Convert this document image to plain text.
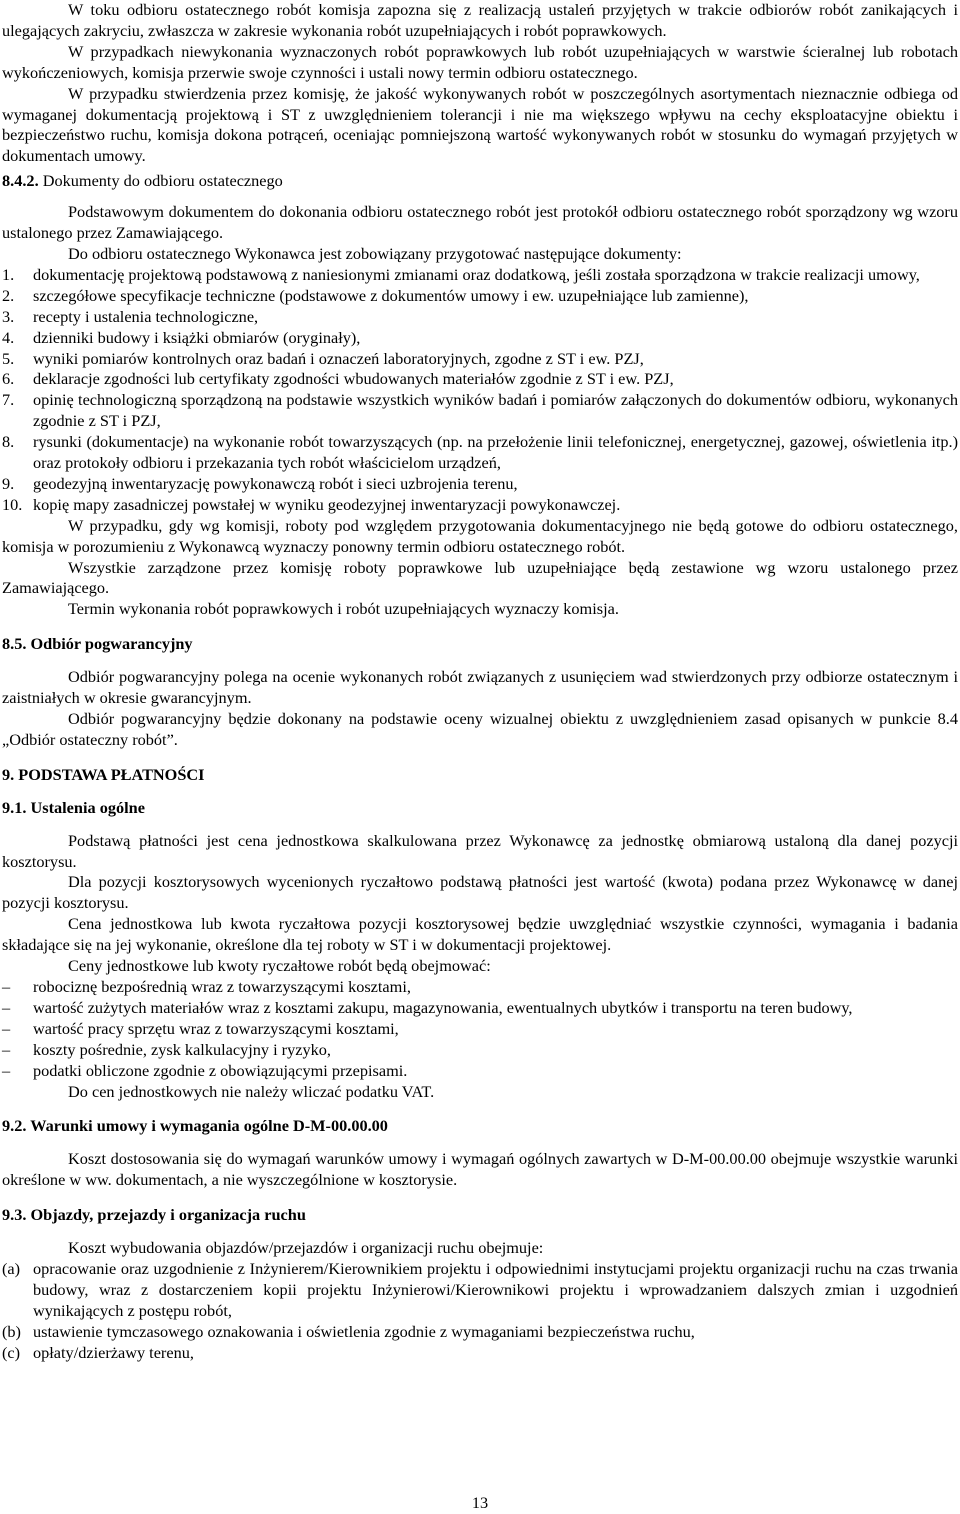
W toku odbioru ostatecznego robót komisja zapozna się z realizacją ustaleń przyjętych w trakcie odbiorów robót zanikających i ulegających zakryciu, zwłaszcza w zakresie wykonania robót uzupełniających i robót poprawkowych.

W przypadkach niewykonania wyznaczonych robót poprawkowych lub robót uzupełniających w warstwie ścieralnej lub robotach wykończeniowych, komisja przerwie swoje czynności i ustali nowy termin odbioru ostatecznego.

W przypadku stwierdzenia przez komisję, że jakość wykonywanych robót w poszczególnych asortymentach nieznacznie odbiega od wymaganej dokumentacją projektową i ST z uwzględnieniem tolerancji i nie ma większego wpływu na cechy eksploatacyjne obiektu i bezpieczeństwo ruchu, komisja dokona potrąceń, oceniając pomniejszoną wartość wykonywanych robót w stosunku do wymagań przyjętych w dokumentach umowy.

8.4.2. Dokumenty do odbioru ostatecznego

Podstawowym dokumentem do dokonania odbioru ostatecznego robót jest protokół odbioru ostatecznego robót sporządzony wg wzoru ustalonego przez Zamawiającego.

Do odbioru ostatecznego Wykonawca jest zobowiązany przygotować następujące dokumenty:

1. dokumentację projektową podstawową z naniesionymi zmianami oraz dodatkową, jeśli została sporządzona w trakcie realizacji umowy,
2. szczegółowe specyfikacje techniczne (podstawowe z dokumentów umowy i ew. uzupełniające lub zamienne),
3. recepty i ustalenia technologiczne,
4. dzienniki budowy i książki obmiarów (oryginały),
5. wyniki pomiarów kontrolnych oraz badań i oznaczeń laboratoryjnych, zgodne z ST i ew. PZJ,
6. deklaracje zgodności lub certyfikaty zgodności wbudowanych materiałów zgodnie z ST i ew. PZJ,
7. opinię technologiczną sporządzoną na podstawie wszystkich wyników badań i pomiarów załączonych do dokumentów odbioru, wykonanych zgodnie z ST i PZJ,
8. rysunki (dokumentacje) na wykonanie robót towarzyszących (np. na przełożenie linii telefonicznej, energetycznej, gazowej, oświetlenia itp.) oraz protokoły odbioru i przekazania tych robót właścicielom urządzeń,
9. geodezyjną inwentaryzację powykonawczą robót i sieci uzbrojenia terenu,
10. kopię mapy zasadniczej powstałej w wyniku geodezyjnej inwentaryzacji powykonawczej.

W przypadku, gdy wg komisji, roboty pod względem przygotowania dokumentacyjnego nie będą gotowe do odbioru ostatecznego, komisja w porozumieniu z Wykonawcą wyznaczy ponowny termin odbioru ostatecznego robót.

Wszystkie zarządzone przez komisję roboty poprawkowe lub uzupełniające będą zestawione wg wzoru ustalonego przez Zamawiającego.

Termin wykonania robót poprawkowych i robót uzupełniających wyznaczy komisja.

8.5. Odbiór pogwarancyjny

Odbiór pogwarancyjny polega na ocenie wykonanych robót związanych z usunięciem wad stwierdzonych przy odbiorze ostatecznym i zaistniałych w okresie gwarancyjnym.

Odbiór pogwarancyjny będzie dokonany na podstawie oceny wizualnej obiektu z uwzględnieniem zasad opisanych w punkcie 8.4 „Odbiór ostateczny robót”.

9. PODSTAWA PŁATNOŚCI

9.1. Ustalenia ogólne

Podstawą płatności jest cena jednostkowa skalkulowana przez Wykonawcę za jednostkę obmiarową ustaloną dla danej pozycji kosztorysu.

Dla pozycji kosztorysowych wycenionych ryczałtowo podstawą płatności jest wartość (kwota) podana przez Wykonawcę w danej pozycji kosztorysu.

Cena jednostkowa lub kwota ryczałtowa pozycji kosztorysowej będzie uwzględniać wszystkie czynności, wymagania i badania składające się na jej wykonanie, określone dla tej roboty w ST i w dokumentacji projektowej.

Ceny jednostkowe lub kwoty ryczałtowe robót będą obejmować:

– robociznę bezpośrednią wraz z towarzyszącymi kosztami,
– wartość zużytych materiałów wraz z kosztami zakupu, magazynowania, ewentualnych ubytków i transportu na teren budowy,
– wartość pracy sprzętu wraz z towarzyszącymi kosztami,
– koszty pośrednie, zysk kalkulacyjny i ryzyko,
– podatki obliczone zgodnie z obowiązującymi przepisami.

Do cen jednostkowych nie należy wliczać podatku VAT.

9.2. Warunki umowy i wymagania ogólne D-M-00.00.00

Koszt dostosowania się do wymagań warunków umowy i wymagań ogólnych zawartych w D-M-00.00.00 obejmuje wszystkie warunki określone w ww. dokumentach, a nie wyszczególnione w kosztorysie.

9.3. Objazdy, przejazdy i organizacja ruchu

Koszt wybudowania objazdów/przejazdów i organizacji ruchu obejmuje:

(a) opracowanie oraz uzgodnienie z Inżynierem/Kierownikiem projektu i odpowiednimi instytucjami projektu organizacji ruchu na czas trwania budowy, wraz z dostarczeniem kopii projektu Inżynierowi/Kierownikowi projektu i wprowadzaniem dalszych zmian i uzgodnień wynikających z postępu robót,
(b) ustawienie tymczasowego oznakowania i oświetlenia zgodnie z wymaganiami bezpieczeństwa ruchu,
(c) opłaty/dzierżawy terenu,
13
